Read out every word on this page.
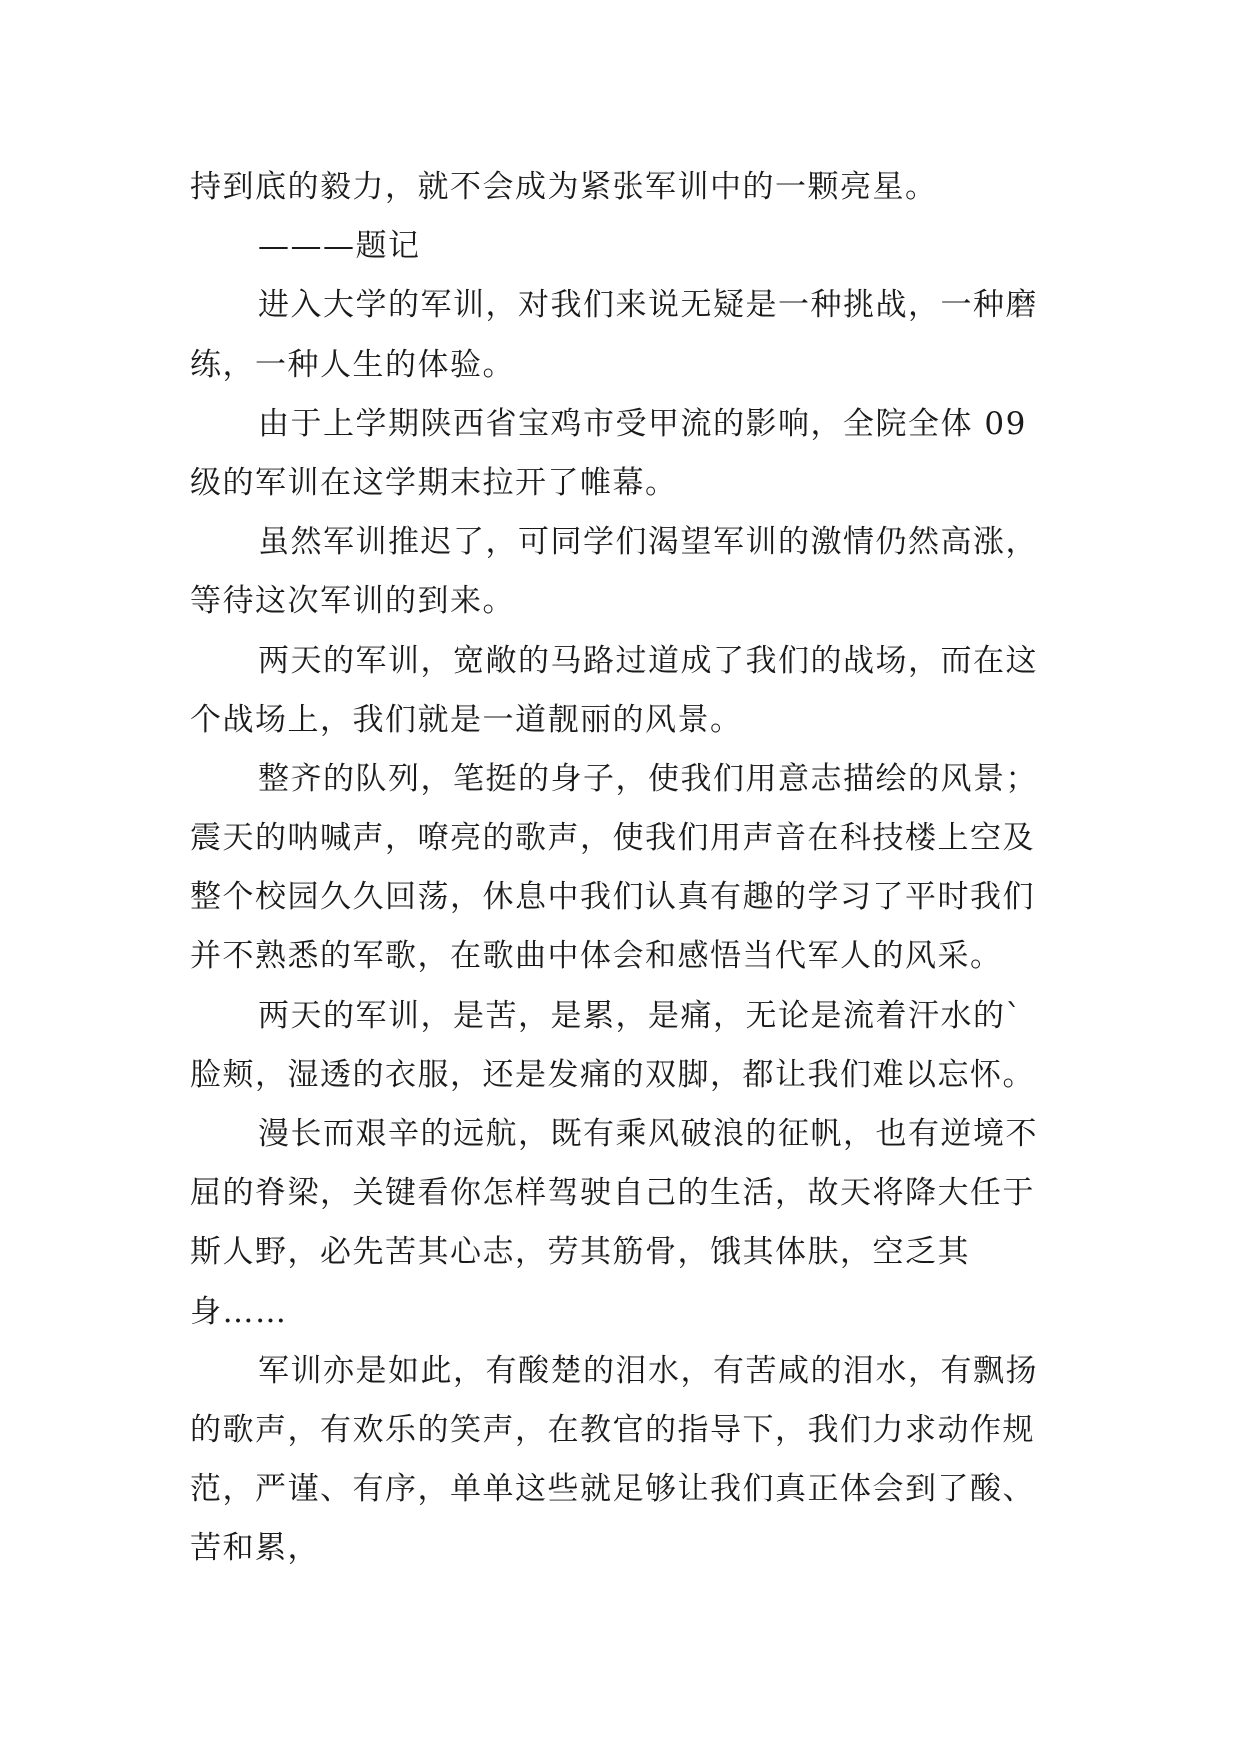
持到底的毅力，就不会成为紧张军训中的一颗亮星。
———题记
进入大学的军训，对我们来说无疑是一种挑战，一种磨
练，一种人生的体验。
由于上学期陕西省宝鸡市受甲流的影响，全院全体 09
级的军训在这学期末拉开了帷幕。
虽然军训推迟了，可同学们渴望军训的激情仍然高涨，
等待这次军训的到来。
两天的军训，宽敞的马路过道成了我们的战场，而在这
个战场上，我们就是一道靓丽的风景。
整齐的队列，笔挺的身子，使我们用意志描绘的风景；
震天的呐喊声，嘹亮的歌声，使我们用声音在科技楼上空及
整个校园久久回荡，休息中我们认真有趣的学习了平时我们
并不熟悉的军歌，在歌曲中体会和感悟当代军人的风采。
两天的军训，是苦，是累，是痛，无论是流着汗水的`
脸颊，湿透的衣服，还是发痛的双脚，都让我们难以忘怀。
漫长而艰辛的远航，既有乘风破浪的征帆，也有逆境不
屈的脊梁，关键看你怎样驾驶自己的生活，故天将降大任于
斯人野，必先苦其心志，劳其筋骨，饿其体肤，空乏其
身……
军训亦是如此，有酸楚的泪水，有苦咸的泪水，有飘扬
的歌声，有欢乐的笑声，在教官的指导下，我们力求动作规
范，严谨、有序，单单这些就足够让我们真正体会到了酸、
苦和累，
